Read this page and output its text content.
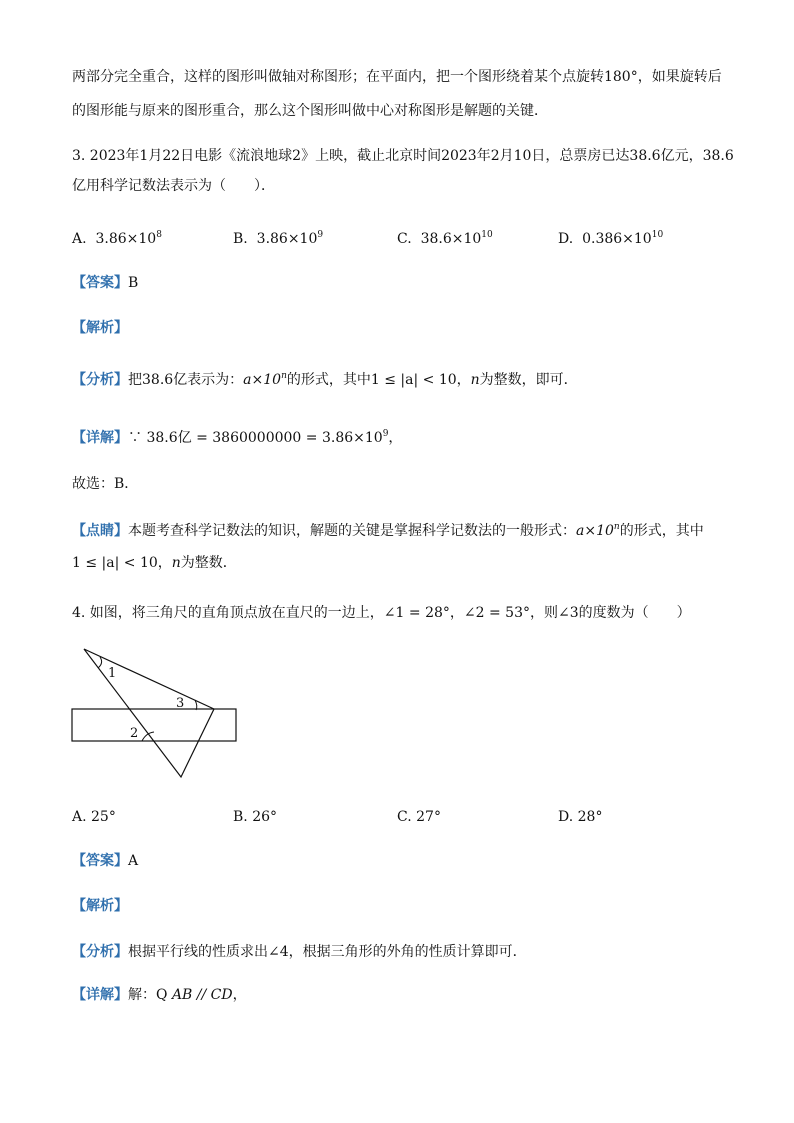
两部分完全重合，这样的图形叫做轴对称图形；在平面内，把一个图形绕着某个点旋转180°，如果旋转后
的图形能与原来的图形重合，那么这个图形叫做中心对称图形是解题的关键．
3. 2023年1月22日电影《流浪地球2》上映，截止北京时间2023年2月10日，总票房已达38.6亿元，38.6
亿用科学记数法表示为（　　）．
A. $3.86\times 10^8$	B. $3.86\times 10^9$	C. $38.6\times 10^{10}$	D. $0.386\times 10^{10}$
【答案】B
【解析】
【分析】把38.6亿表示为：$a\times 10^n$的形式，其中1 ≤ |a| < 10，n为整数，即可．
【详解】∵ 38.6亿 = $3860000000 = 3.86\times 10^9$，
故选：B．
【点睛】本题考查科学记数法的知识，解题的关键是掌握科学记数法的一般形式：$a\times 10^n$的形式，其中
1 ≤ |a| < 10，n为整数．
4. 如图，将三角尺的直角顶点放在直尺的一边上，∠1 = 28°，∠2 = 53°，则∠3的度数为（　　）
1
3
2
A. 25°	B. 26°	C. 27°	D. 28°
【答案】A
【解析】
【分析】根据平行线的性质求出∠4，根据三角形的外角的性质计算即可．
【详解】解：Q AB // CD，
